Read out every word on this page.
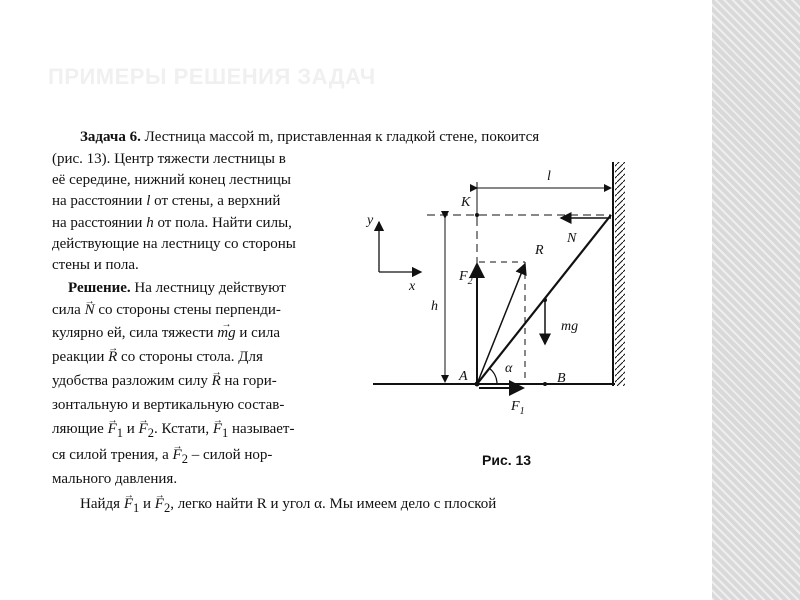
ПРИМЕРЫ РЕШЕНИЯ ЗАДАЧ
Задача 6. Лестница массой m, приставленная к гладкой стене, покоится
(рис. 13). Центр тяжести лестницы в
её середине, нижний конец лестницы
на расстоянии l от стены, а верхний
на расстоянии h от пола. Найти силы,
действующие на лестницу со стороны
стены и пола.
Решение. На лестницу действуют
сила → N со стороны стены перпенди-
кулярно ей, сила тяжести → mg и сила
реакции → R со стороны стола. Для
удобства разложим силу → R на гори-
зонтальную и вертикальную состав-
ляющие → $F_1$ $и \to F_2$. Кстати, → $F_1$ называет-
ся силой трения, $а \to F_2$ – силой нор-
мального давления.
Найдя → $F_1$ $и \to F_2$, легко найти R и угол α. Мы имеем дело с плоской
l
K
h
y
x
N
R
$F_2$
mg
$F_1$
α
A	B
Рис. 13
